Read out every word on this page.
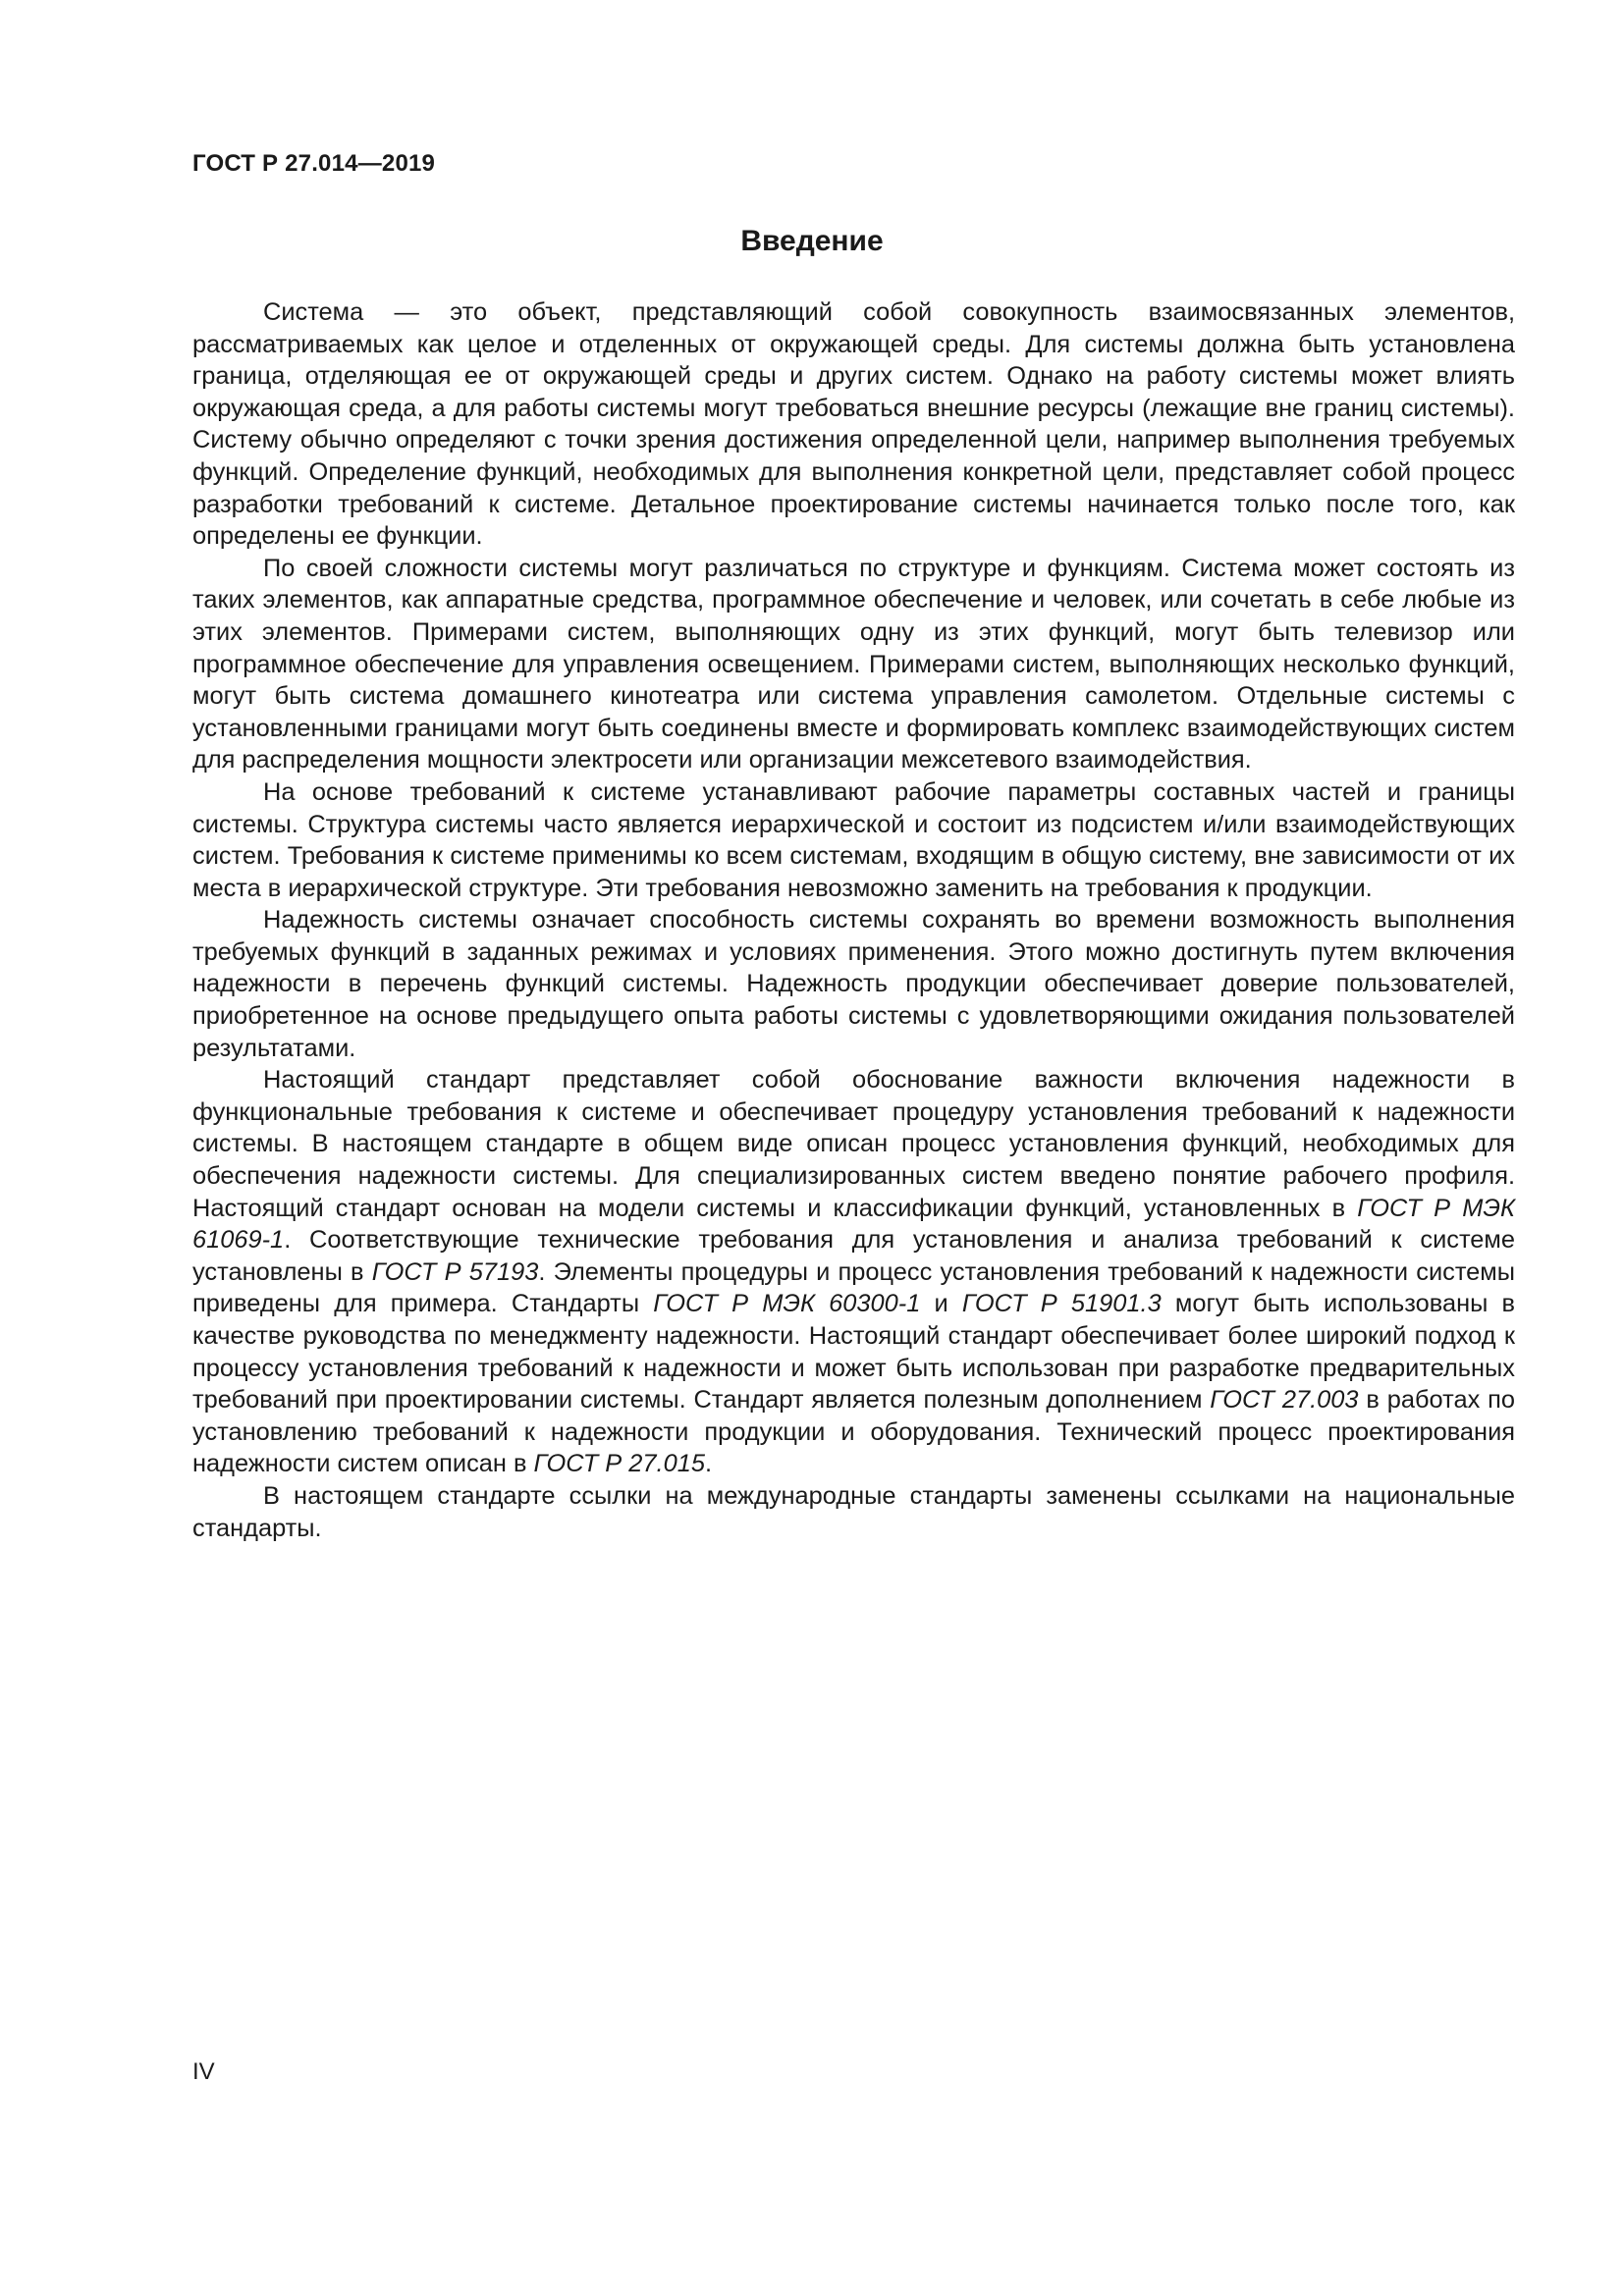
ГОСТ Р 27.014—2019
Введение

Система — это объект, представляющий собой совокупность взаимосвязанных элементов, рассматриваемых как целое и отделенных от окружающей среды. Для системы должна быть установлена граница, отделяющая ее от окружающей среды и других систем. Однако на работу системы может влиять окружающая среда, а для работы системы могут требоваться внешние ресурсы (лежащие вне границ системы). Систему обычно определяют с точки зрения достижения определенной цели, например выполнения требуемых функций. Определение функций, необходимых для выполнения конкретной цели, представляет собой процесс разработки требований к системе. Детальное проектирование системы начинается только после того, как определены ее функции.

По своей сложности системы могут различаться по структуре и функциям. Система может состоять из таких элементов, как аппаратные средства, программное обеспечение и человек, или сочетать в себе любые из этих элементов. Примерами систем, выполняющих одну из этих функций, могут быть телевизор или программное обеспечение для управления освещением. Примерами систем, выполняющих несколько функций, могут быть система домашнего кинотеатра или система управления самолетом. Отдельные системы с установленными границами могут быть соединены вместе и формировать комплекс взаимодействующих систем для распределения мощности электросети или организации межсетевого взаимодействия.

На основе требований к системе устанавливают рабочие параметры составных частей и границы системы. Структура системы часто является иерархической и состоит из подсистем и/или взаимодействующих систем. Требования к системе применимы ко всем системам, входящим в общую систему, вне зависимости от их места в иерархической структуре. Эти требования невозможно заменить на требования к продукции.

Надежность системы означает способность системы сохранять во времени возможность выполнения требуемых функций в заданных режимах и условиях применения. Этого можно достигнуть путем включения надежности в перечень функций системы. Надежность продукции обеспечивает доверие пользователей, приобретенное на основе предыдущего опыта работы системы с удовлетворяющими ожидания пользователей результатами.

Настоящий стандарт представляет собой обоснование важности включения надежности в функциональные требования к системе и обеспечивает процедуру установления требований к надежности системы. В настоящем стандарте в общем виде описан процесс установления функций, необходимых для обеспечения надежности системы. Для специализированных систем введено понятие рабочего профиля. Настоящий стандарт основан на модели системы и классификации функций, установленных в ГОСТ Р МЭК 61069-1. Соответствующие технические требования для установления и анализа требований к системе установлены в ГОСТ Р 57193. Элементы процедуры и процесс установления требований к надежности системы приведены для примера. Стандарты ГОСТ Р МЭК 60300-1 и ГОСТ Р 51901.3 могут быть использованы в качестве руководства по менеджменту надежности. Настоящий стандарт обеспечивает более широкий подход к процессу установления требований к надежности и может быть использован при разработке предварительных требований при проектировании системы. Стандарт является полезным дополнением ГОСТ 27.003 в работах по установлению требований к надежности продукции и оборудования. Технический процесс проектирования надежности систем описан в ГОСТ Р 27.015.

В настоящем стандарте ссылки на международные стандарты заменены ссылками на национальные стандарты.

IV
